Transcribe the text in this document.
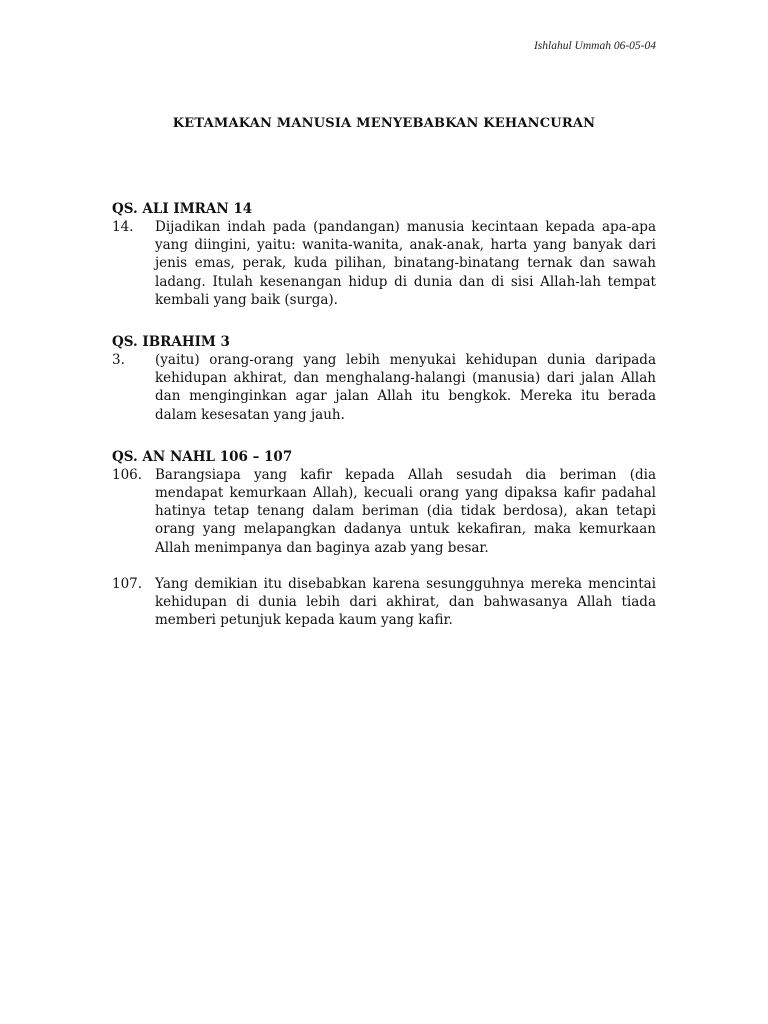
Ishlahul Ummah 06-05-04
KETAMAKAN MANUSIA MENYEBABKAN KEHANCURAN
QS. ALI IMRAN 14
14.	Dijadikan indah pada (pandangan) manusia kecintaan kepada apa-apa yang diingini, yaitu: wanita-wanita, anak-anak, harta yang banyak dari jenis emas, perak, kuda pilihan, binatang-binatang ternak dan sawah ladang. Itulah kesenangan hidup di dunia dan di sisi Allah-lah tempat kembali yang baik (surga).
QS. IBRAHIM 3
3.	(yaitu) orang-orang yang lebih menyukai kehidupan dunia daripada kehidupan akhirat, dan menghalang-halangi (manusia) dari jalan Allah dan menginginkan agar jalan Allah itu bengkok. Mereka itu berada dalam kesesatan yang jauh.
QS. AN NAHL 106 – 107
106. Barangsiapa yang kafir kepada Allah sesudah dia beriman (dia mendapat kemurkaan Allah), kecuali orang yang dipaksa kafir padahal hatinya tetap tenang dalam beriman (dia tidak berdosa), akan tetapi orang yang melapangkan dadanya untuk kekafiran, maka kemurkaan Allah menimpanya dan baginya azab yang besar.
107. Yang demikian itu disebabkan karena sesungguhnya mereka mencintai kehidupan di dunia lebih dari akhirat, dan bahwasanya Allah tiada memberi petunjuk kepada kaum yang kafir.
